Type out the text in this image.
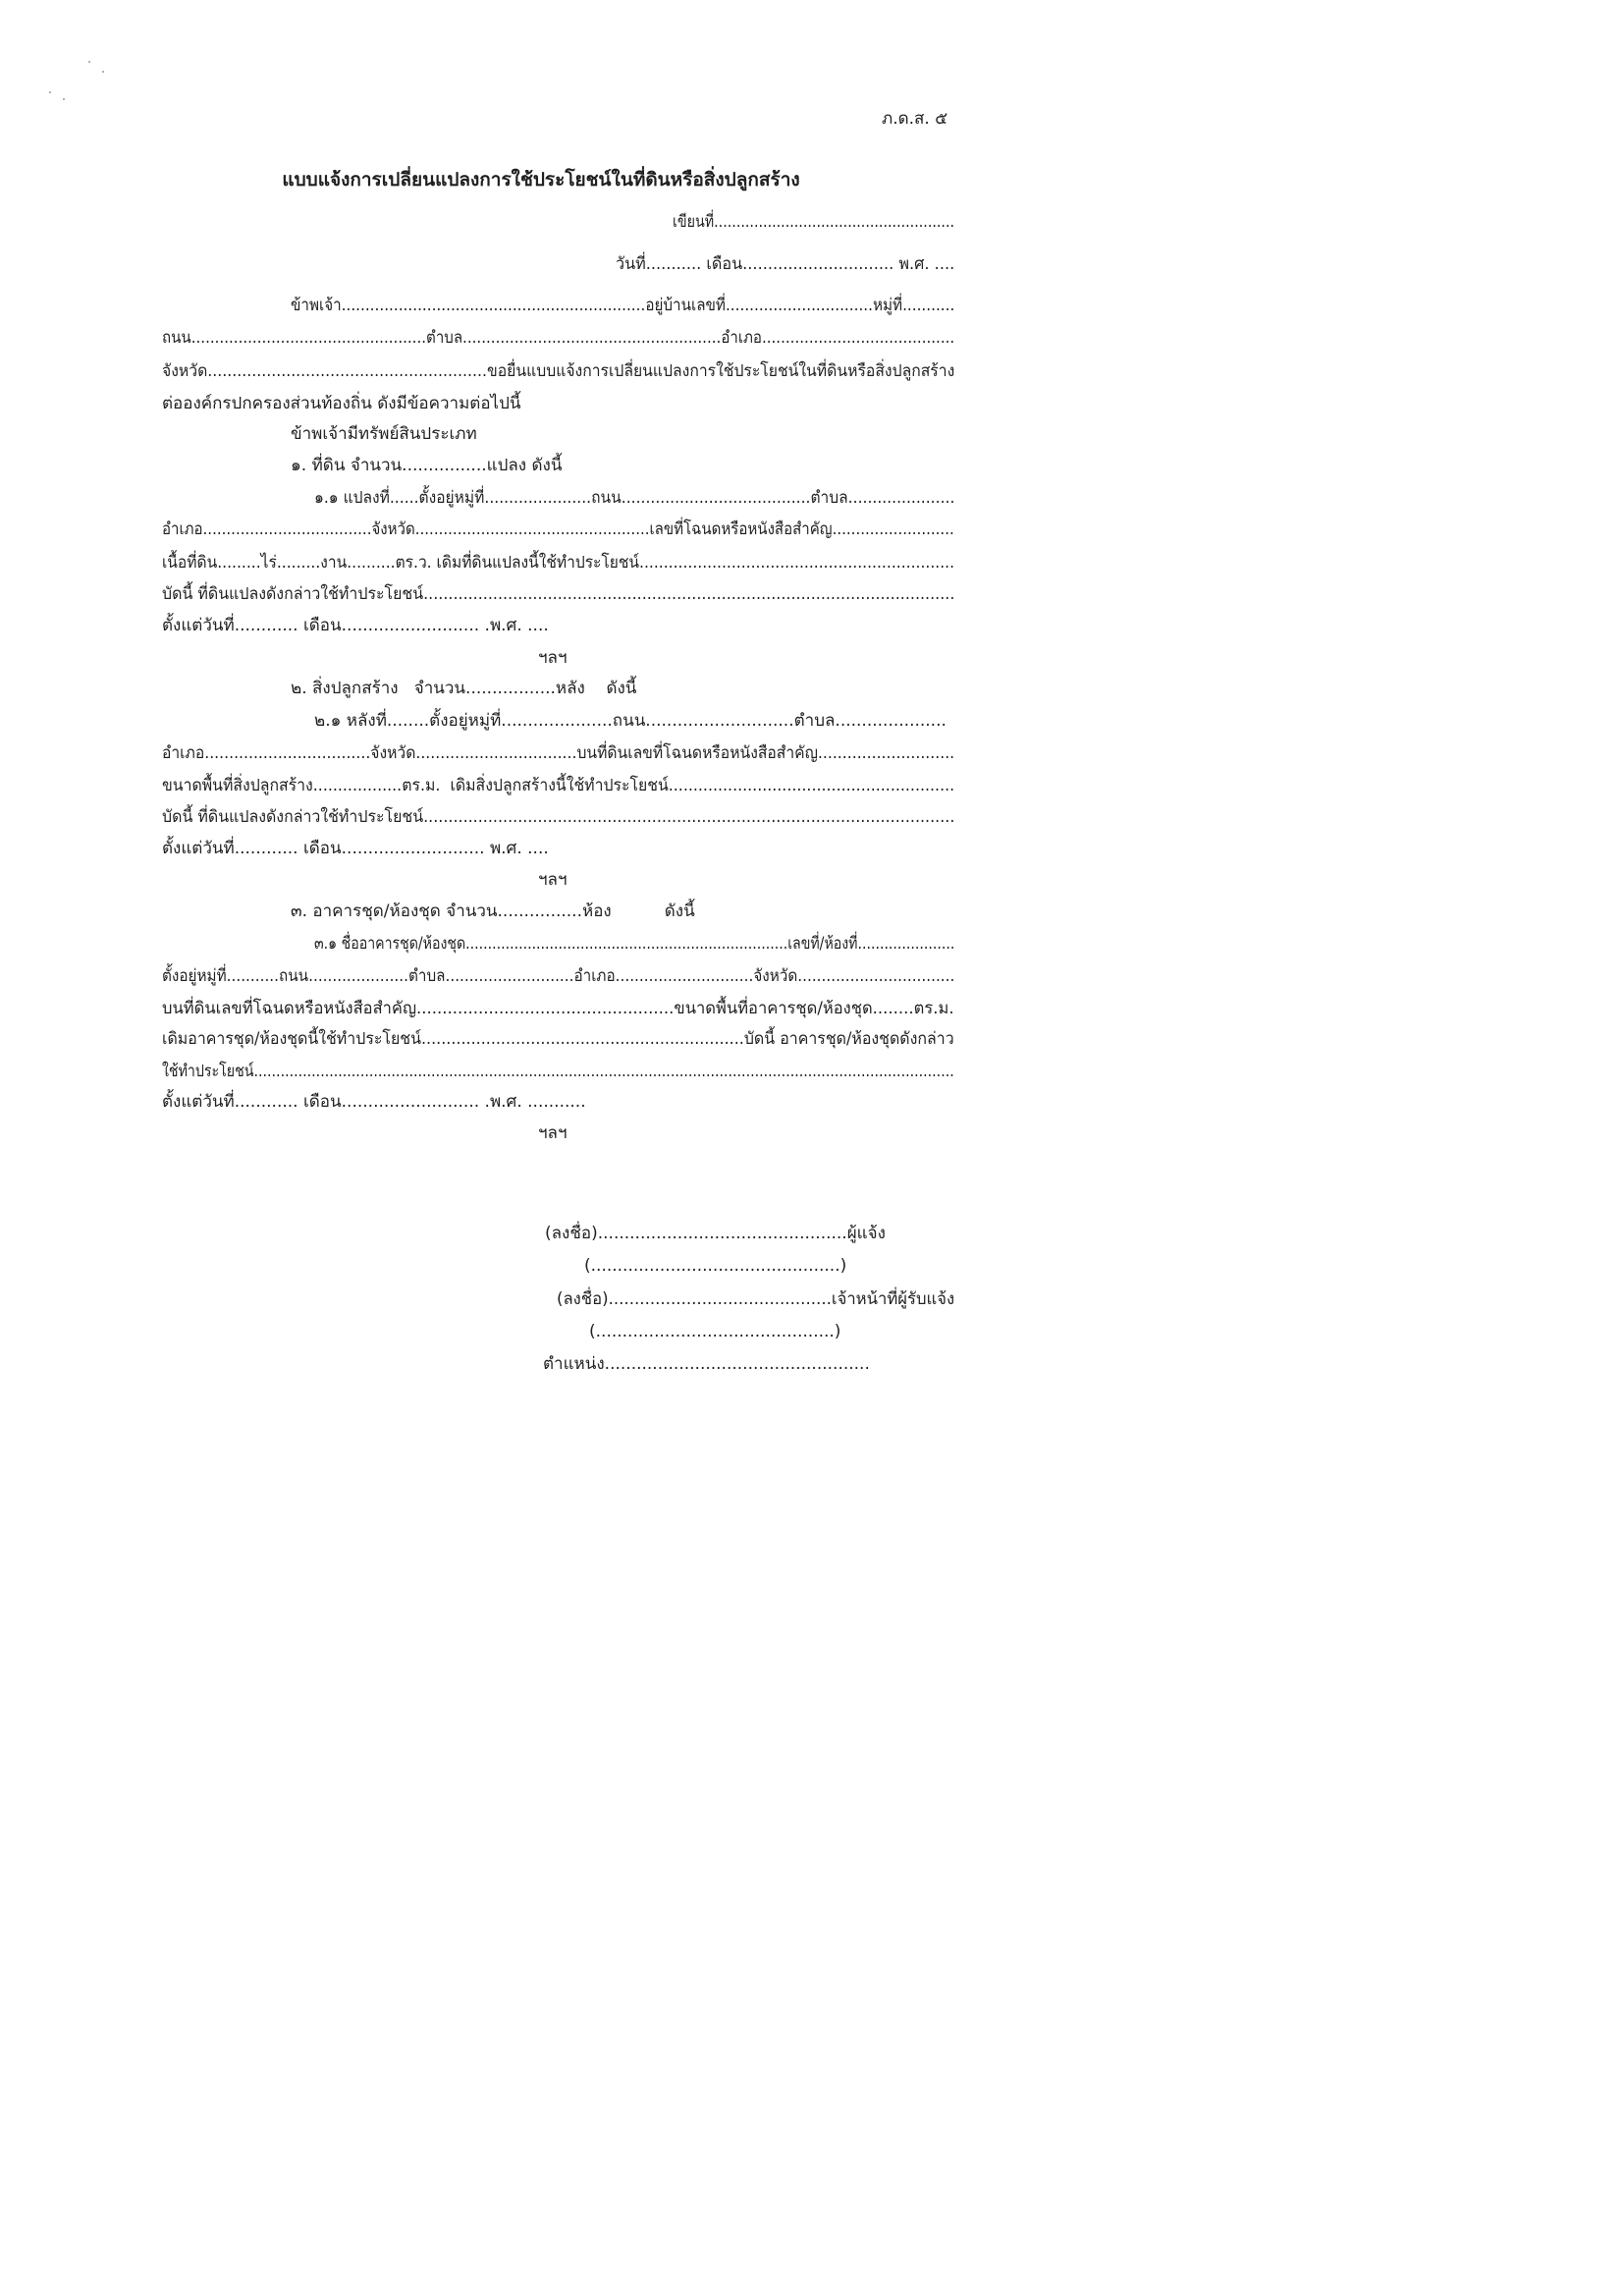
ภ.ด.ส. ๕
แบบแจ้งการเปลี่ยนแปลงการใช้ประโยชน์ในที่ดินหรือสิ่งปลูกสร้าง
เขียนที่......................................................
วันที่........... เดือน.............................. พ.ศ. ....
ข้าพเจ้า................................................................อยู่บ้านเลขที่...............................หมู่ที่...........
ถนน..................................................ตำบล.......................................................อำเภอ.........................................
จังหวัด.........................................................ขอยื่นแบบแจ้งการเปลี่ยนแปลงการใช้ประโยชน์ในที่ดินหรือสิ่งปลูกสร้าง
ต่อองค์กรปกครองส่วนท้องถิ่น ดังมีข้อความต่อไปนี้
ข้าพเจ้ามีทรัพย์สินประเภท
๑. ที่ดิน จำนวน................แปลง ดังนี้
๑.๑ แปลงที่......ตั้งอยู่หมู่ที่......................ถนน.......................................ตำบล......................
อำเภอ....................................จังหวัด..................................................เลขที่โฉนดหรือหนังสือสำคัญ..........................
เนื้อที่ดิน.........ไร่.........งาน..........ตร.ว. เดิมที่ดินแปลงนี้ใช้ทำประโยชน์.................................................................
บัดนี้ ที่ดินแปลงดังกล่าวใช้ทำประโยชน์...........................................................................................................
ตั้งแต่วันที่............ เดือน.......................... .พ.ศ. ....
ฯลฯ
๒. สิ่งปลูกสร้าง   จำนวน.................หลัง    ดังนี้
๒.๑ หลังที่........ตั้งอยู่หมู่ที่.....................ถนน............................ตำบล.....................
อำเภอ..................................จังหวัด.................................บนที่ดินเลขที่โฉนดหรือหนังสือสำคัญ............................
ขนาดพื้นที่สิ่งปลูกสร้าง..................ตร.ม.  เดิมสิ่งปลูกสร้างนี้ใช้ทำประโยชน์..........................................................
บัดนี้ ที่ดินแปลงดังกล่าวใช้ทำประโยชน์...........................................................................................................
ตั้งแต่วันที่............ เดือน........................... พ.ศ. ....
ฯลฯ
๓. อาคารชุด/ห้องชุด จำนวน................ห้อง          ดังนี้
๓.๑ ชื่ออาคารชุด/ห้องชุด.........................................................................เลขที่/ห้องที่......................
ตั้งอยู่หมู่ที่...........ถนน.....................ตำบล...........................อำเภอ.............................จังหวัด.................................
บนที่ดินเลขที่โฉนดหรือหนังสือสำคัญ..................................................ขนาดพื้นที่อาคารชุด/ห้องชุด........ตร.ม.
เดิมอาคารชุด/ห้องชุดนี้ใช้ทำประโยชน์.................................................................บัดนี้ อาคารชุด/ห้องชุดดังกล่าว
ใช้ทำประโยชน์..............................................................................................................................................................
ตั้งแต่วันที่............ เดือน.......................... .พ.ศ. ...........
ฯลฯ
(ลงชื่อ)...............................................ผู้แจ้ง
(...............................................)
(ลงชื่อ)...........................................เจ้าหน้าที่ผู้รับแจ้ง
(.............................................)
ตำแหน่ง..................................................
